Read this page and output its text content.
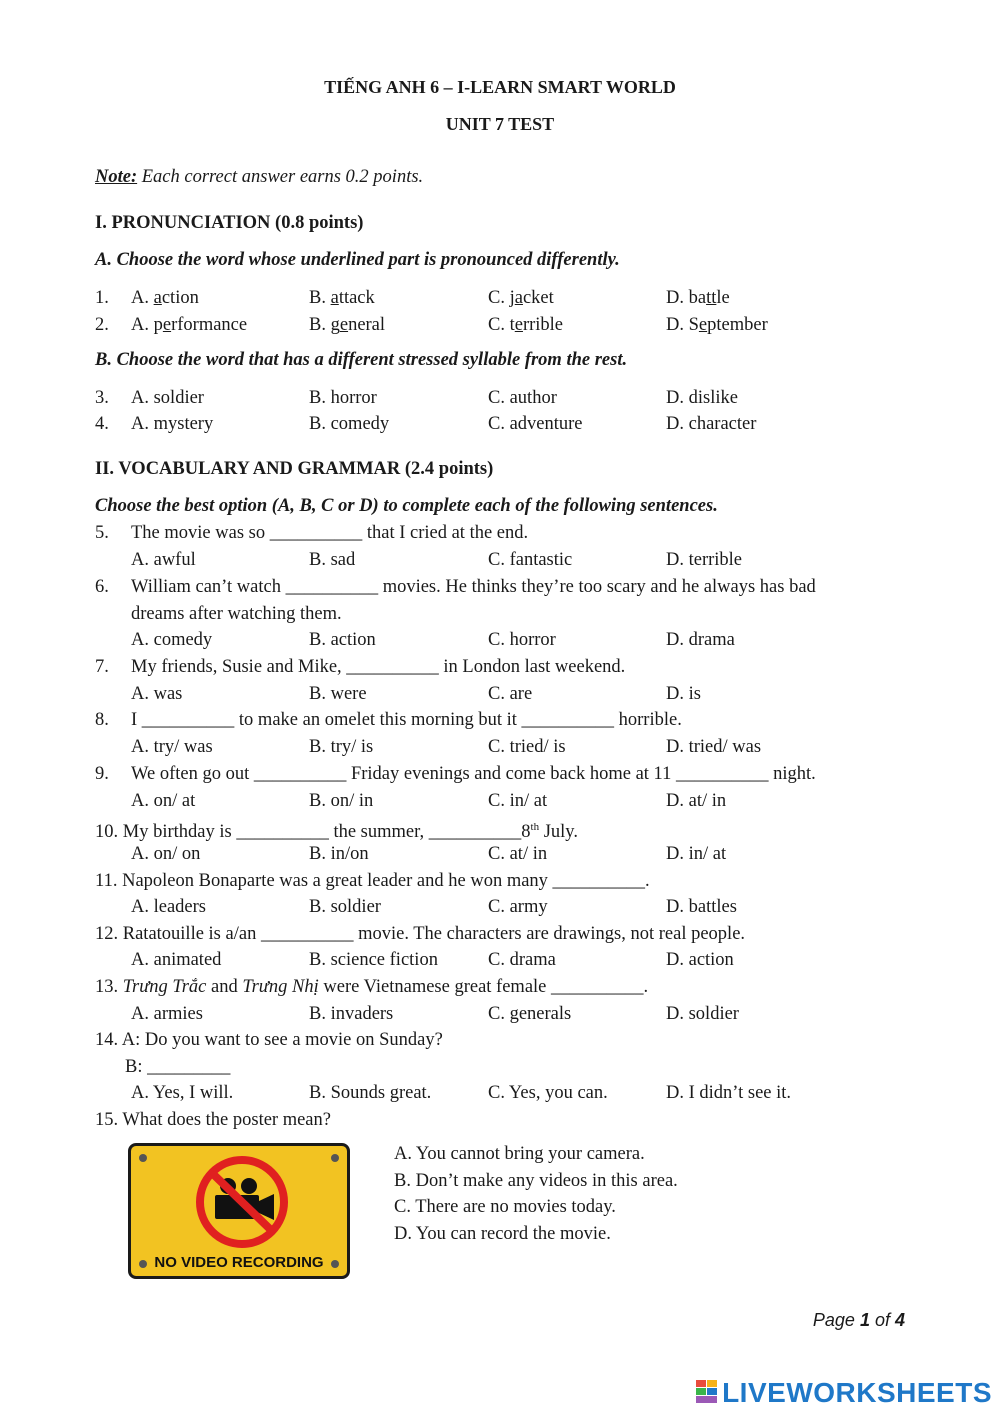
TIẾNG ANH 6 – I-LEARN SMART WORLD
UNIT 7 TEST
Note: Each correct answer earns 0.2 points.
I. PRONUNCIATION (0.8 points)
A. Choose the word whose underlined part is pronounced differently.
1.	A. action	B. attack	C. jacket	D. battle
2.	A. performance	B. general	C. terrible	D. September
B. Choose the word that has a different stressed syllable from the rest.
3.	A. soldier	B. horror	C. author	D. dislike
4.	A. mystery	B. comedy	C. adventure	D. character
II. VOCABULARY AND GRAMMAR (2.4 points)
Choose the best option (A, B, C or D) to complete each of the following sentences.
5. The movie was so __________ that I cried at the end.
A. awful	B. sad	C. fantastic	D. terrible
6. William can’t watch __________ movies. He thinks they’re too scary and he always has bad
dreams after watching them.
A. comedy	B. action	C. horror	D. drama
7. My friends, Susie and Mike, __________ in London last weekend.
A. was	B. were	C. are	D. is
8. I __________ to make an omelet this morning but it __________ horrible.
A. try/ was	B. try/ is	C. tried/ is	D. tried/ was
9. We often go out __________ Friday evenings and come back home at 11 __________ night.
A. on/ at	B. on/ in	C. in/ at	D. at/ in
10. My birthday is __________ the summer, __________8th July.
A. on/ on	B. in/on	C. at/ in	D. in/ at
11. Napoleon Bonaparte was a great leader and he won many __________.
A. leaders	B. soldier	C. army	D. battles
12. Ratatouille is a/an __________ movie. The characters are drawings, not real people.
A. animated	B. science fiction	C. drama	D. action
13. Trưng Trắc and Trưng Nhị were Vietnamese great female __________.
A. armies	B. invaders	C. generals	D. soldier
14. A: Do you want to see a movie on Sunday?
B: _________
A. Yes, I will.	B. Sounds great.	C. Yes, you can.	D. I didn’t see it.
15. What does the poster mean?
NO VIDEO RECORDING
A. You cannot bring your camera.
B. Don’t make any videos in this area.
C. There are no movies today.
D. You can record the movie.
Page 1 of 4
LIVEWORKSHEETS
